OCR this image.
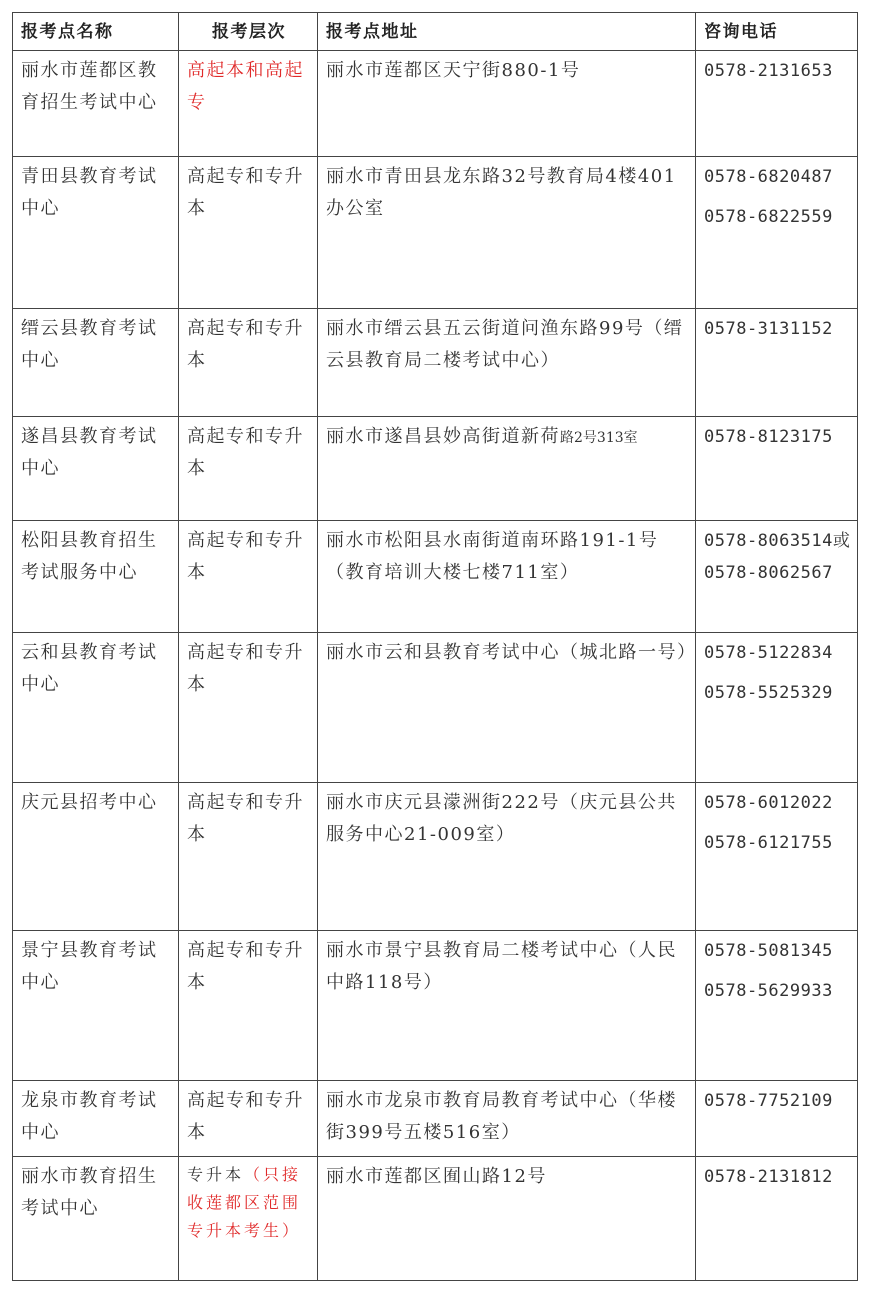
报考点名称	报考层次	报考点地址	咨询电话
丽水市莲都区教育招生考试中心	高起本和高起专	丽水市莲都区天宁街880-1号	0578-2131653

青田县教育考试中心	高起专和专升本	丽水市青田县龙东路32号教育局4楼401办公室	0578-6820487
0578-6822559

缙云县教育考试中心	高起专和专升本	丽水市缙云县五云街道问渔东路99号（缙云县教育局二楼考试中心）	0578-3131152

遂昌县教育考试中心	高起专和专升本	丽水市遂昌县妙高街道新荷路2号313室	0578-8123175

松阳县教育招生考试服务中心	高起专和专升本	丽水市松阳县水南街道南环路191-1号（教育培训大楼七楼711室）	0578-8063514或0578-8062567

云和县教育考试中心	高起专和专升本	丽水市云和县教育考试中心（城北路一号）	0578-5122834
0578-5525329

庆元县招考中心	高起专和专升本	丽水市庆元县濛洲街222号（庆元县公共服务中心21-009室）	0578-6012022
0578-6121755

景宁县教育考试中心	高起专和专升本	丽水市景宁县教育局二楼考试中心（人民中路118号）	0578-5081345
0578-5629933

龙泉市教育考试中心	高起专和专升本	丽水市龙泉市教育局教育考试中心（华楼街399号五楼516室）	0578-7752109

丽水市教育招生考试中心	专升本（只接收莲都区范围专升本考生）	丽水市莲都区囿山路12号	0578-2131812
